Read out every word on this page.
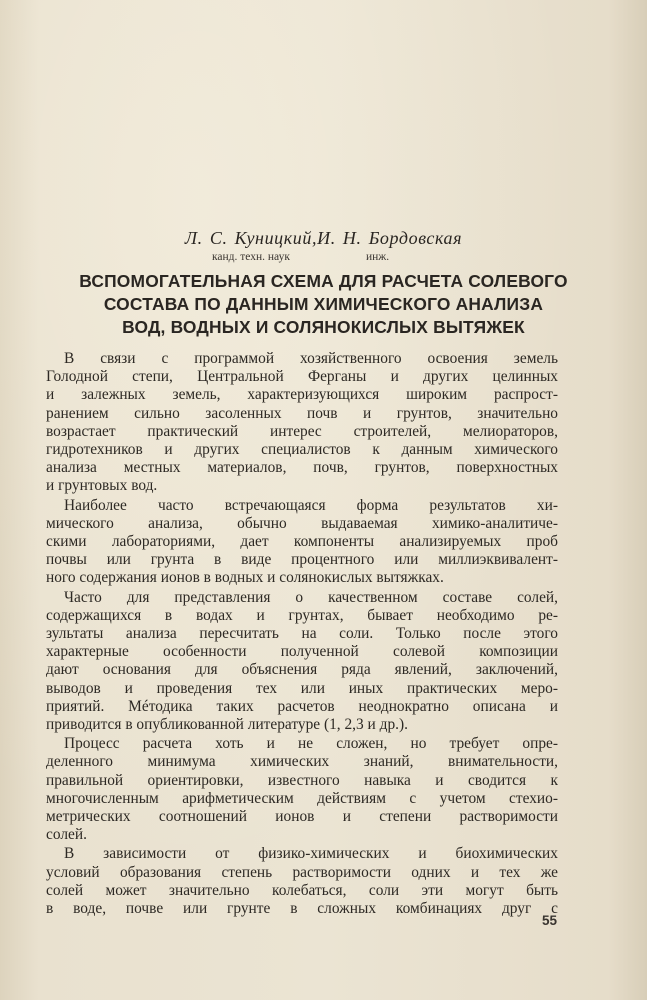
Л. С. Куницкий,И. Н. Бордовская
канд. техн. наук	инж.
ВСПОМОГАТЕЛЬНАЯ СХЕМА ДЛЯ РАСЧЕТА СОЛЕВОГО
СОСТАВА ПО ДАННЫМ ХИМИЧЕСКОГО АНАЛИЗА
ВОД, ВОДНЫХ И СОЛЯНОКИСЛЫХ ВЫТЯЖЕК
В связи с программой хозяйственного освоения земель
Голодной степи, Центральной Ферганы и других целинных
и залежных земель, характеризующихся широким распрост-
ранением сильно засоленных почв и грунтов, значительно
возрастает практический интерес строителей, мелиораторов,
гидротехников и других специалистов к данным химического
анализа местных материалов, почв, грунтов, поверхностных
и грунтовых вод.
Наиболее часто встречающаяся форма результатов хи-
мического анализа, обычно выдаваемая химико-аналитиче-
скими лабораториями, дает компоненты анализируемых проб
почвы или грунта в виде процентного или миллиэквивалент-
ного содержания ионов в водных и солянокислых вытяжках.
Часто для представления о качественном составе солей,
содержащихся в водах и грунтах, бывает необходимо ре-
зультаты анализа пересчитать на соли. Только после этого
характерные особенности полученной солевой композиции
дают основания для объяснения ряда явлений, заключений,
выводов и проведения тех или иных практических меро-
приятий. Мéтодика таких расчетов неоднократно описана и
приводится в опубликованной литературе (1, 2,3 и др.).
Процесс расчета хоть и не сложен, но требует опре-
деленного минимума химических знаний, внимательности,
правильной ориентировки, известного навыка и сводится к
многочисленным арифметическим действиям с учетом стехио-
метрических соотношений ионов и степени растворимости
солей.
В зависимости от физико-химических и биохимических
условий образования степень растворимости одних и тех же
солей может значительно колебаться, соли эти могут быть
в воде, почве или грунте в сложных комбинациях друг с
55
